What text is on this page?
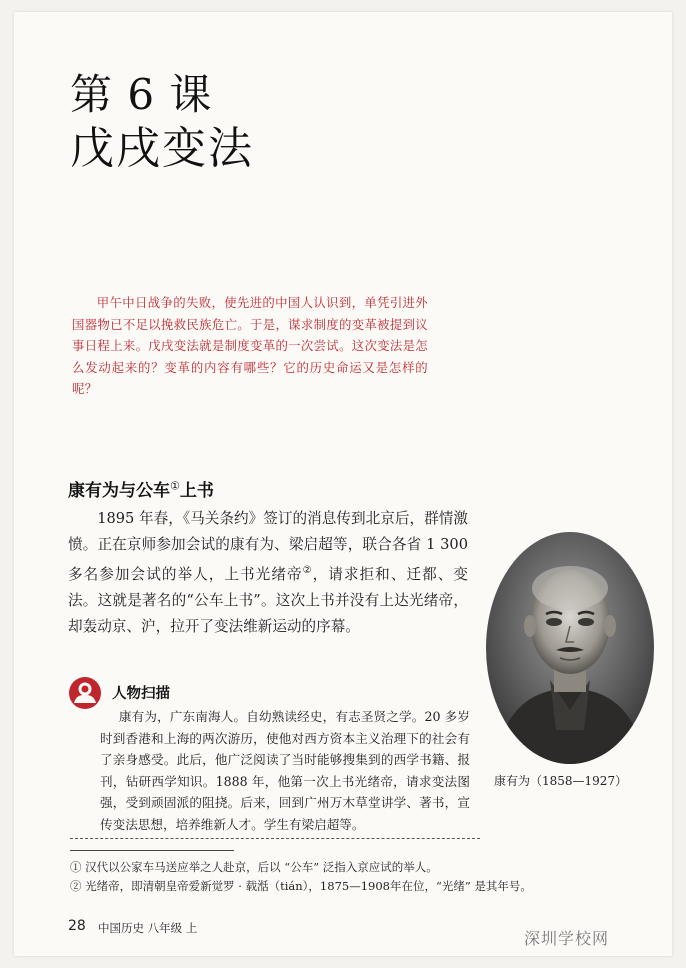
第 6 课
戊戌变法

甲午中日战争的失败，使先进的中国人认识到，单凭引进外国器物已不足以挽救民族危亡。于是，谋求制度的变革被提到议事日程上来。戊戌变法就是制度变革的一次尝试。这次变法是怎么发动起来的？变革的内容有哪些？它的历史命运又是怎样的呢？

康有为与公车①上书

1895 年春，《马关条约》签订的消息传到北京后，群情激愤。正在京师参加会试的康有为、梁启超等，联合各省 1 300 多名参加会试的举人，上书光绪帝②，请求拒和、迁都、变法。这就是著名的“公车上书”。这次上书并没有上达光绪帝，却轰动京、沪，拉开了变法维新运动的序幕。

康有为（1858—1927）
人物扫描

康有为，广东南海人。自幼熟读经史，有志圣贤之学。20 多岁时到香港和上海的两次游历，使他对西方资本主义治理下的社会有了亲身感受。此后，他广泛阅读了当时能够搜集到的西学书籍、报刊，钻研西学知识。1888 年，他第一次上书光绪帝，请求变法图强，受到顽固派的阻挠。后来，回到广州万木草堂讲学、著书，宣传变法思想，培养维新人才。学生有梁启超等。

① 汉代以公家车马送应举之人赴京，后以 “公车” 泛指入京应试的举人。
② 光绪帝，即清朝皇帝爱新觉罗 · 载湉（tián），1875—1908年在位，“光绪” 是其年号。
28 中国历史 八年级 上
深圳学校网
